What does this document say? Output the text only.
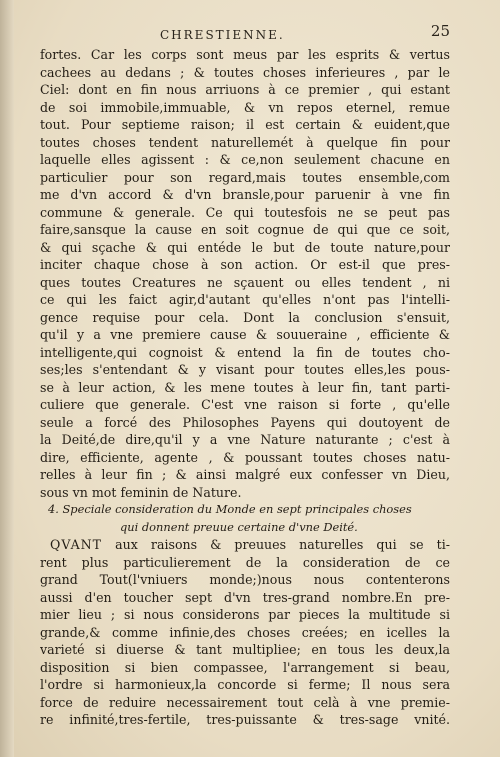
CHRESTIENNE.	25
fortes. Car les corps sont meus par les esprits & vertus
cachees au dedans ; & toutes choses inferieures , par le
Ciel: dont en fin nous arriuons à ce premier , qui estant
de soi immobile,immuable, & vn repos eternel, remue
tout. Pour septieme raison; il est certain & euident,que
toutes choses tendent naturellemét à quelque fin pour
laquelle elles agissent : & ce,non seulement chacune en
particulier pour son regard,mais toutes ensemble,com
me d'vn accord & d'vn bransle,pour paruenir à vne fin
commune & generale. Ce qui toutesfois ne se peut pas
faire,sansque la cause en soit cognue de qui que ce soit,
& qui sçache & qui entéde le but de toute nature,pour
inciter chaque chose à son action. Or est-il que pres-
ques toutes Creatures ne sçauent ou elles tendent , ni
ce qui les faict agir,d'autant qu'elles n'ont pas l'intelli-
gence requise pour cela. Dont la conclusion s'ensuit,
qu'il y a vne premiere cause & souueraine , efficiente &
intelligente,qui cognoist & entend la fin de toutes cho-
ses;les s'entendant & y visant pour toutes elles,les pous-
se à leur action, & les mene toutes à leur fin, tant parti-
culiere que generale. C'est vne raison si forte , qu'elle
seule a forcé des Philosophes Payens qui doutoyent de
la Deité,de dire,qu'il y a vne Nature naturante ; c'est à
dire, efficiente, agente , & poussant toutes choses natu-
relles à leur fin ; & ainsi malgré eux confesser vn Dieu,
sous vn mot feminin de Nature.
4. Speciale consideration du Monde en sept principales choses
qui donnent preuue certaine d'vne Deité.
QVANT aux raisons & preuues naturelles qui se ti-
rent plus particulierement de la consideration de ce
grand Tout(l'vniuers monde;)nous nous contenterons
aussi d'en toucher sept d'vn tres-grand nombre.En pre-
mier lieu ; si nous considerons par pieces la multitude si
grande,& comme infinie,des choses creées; en icelles la
varieté si diuerse & tant multipliee; en tous les deux,la
disposition si bien compassee, l'arrangement si beau,
l'ordre si harmonieux,la concorde si ferme; Il nous sera
force de reduire necessairement tout celà à vne premie-
re infinité,tres-fertile, tres-puissante & tres-sage vnité.
